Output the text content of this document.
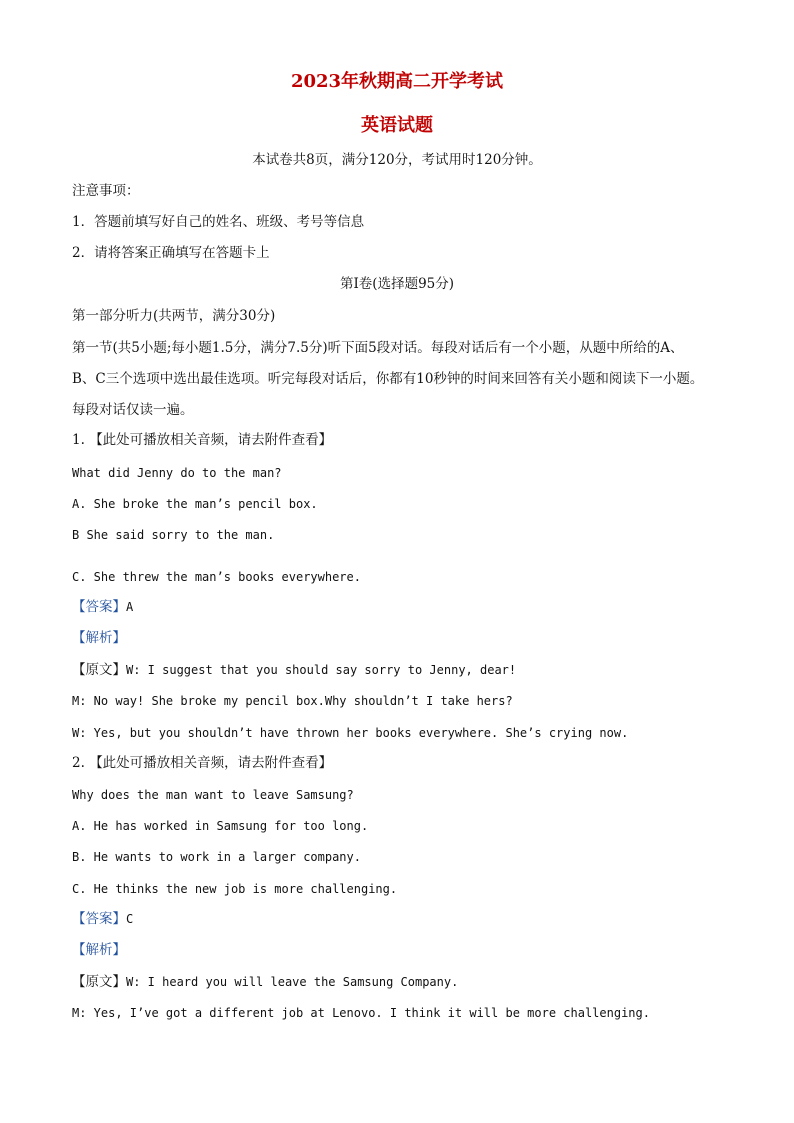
2023年秋期高二开学考试
英语试题
本试卷共8页，满分120分，考试用时120分钟。
注意事项：
1．答题前填写好自己的姓名、班级、考号等信息
2．请将答案正确填写在答题卡上
第I卷(选择题95分)
第一部分听力(共两节，满分30分)
第一节(共5小题;每小题1.5分，满分7.5分)听下面5段对话。每段对话后有一个小题，从题中所给的A、
B、C三个选项中选出最佳选项。听完每段对话后，你都有10秒钟的时间来回答有关小题和阅读下一小题。
每段对话仅读一遍。
1. 【此处可播放相关音频，请去附件查看】
What did Jenny do to the man?
A. She broke the man’s pencil box.
B She said sorry to the man.
C. She threw the man’s books everywhere.
【答案】A
【解析】
【原文】W: I suggest that you should say sorry to Jenny, dear!
M: No way! She broke my pencil box.Why shouldn’t I take hers?
W: Yes, but you shouldn’t have thrown her books everywhere. She’s crying now.
2. 【此处可播放相关音频，请去附件查看】
Why does the man want to leave Samsung?
A. He has worked in Samsung for too long.
B. He wants to work in a larger company.
C. He thinks the new job is more challenging.
【答案】C
【解析】
【原文】W: I heard you will leave the Samsung Company.
M: Yes, I’ve got a different job at Lenovo. I think it will be more challenging.
